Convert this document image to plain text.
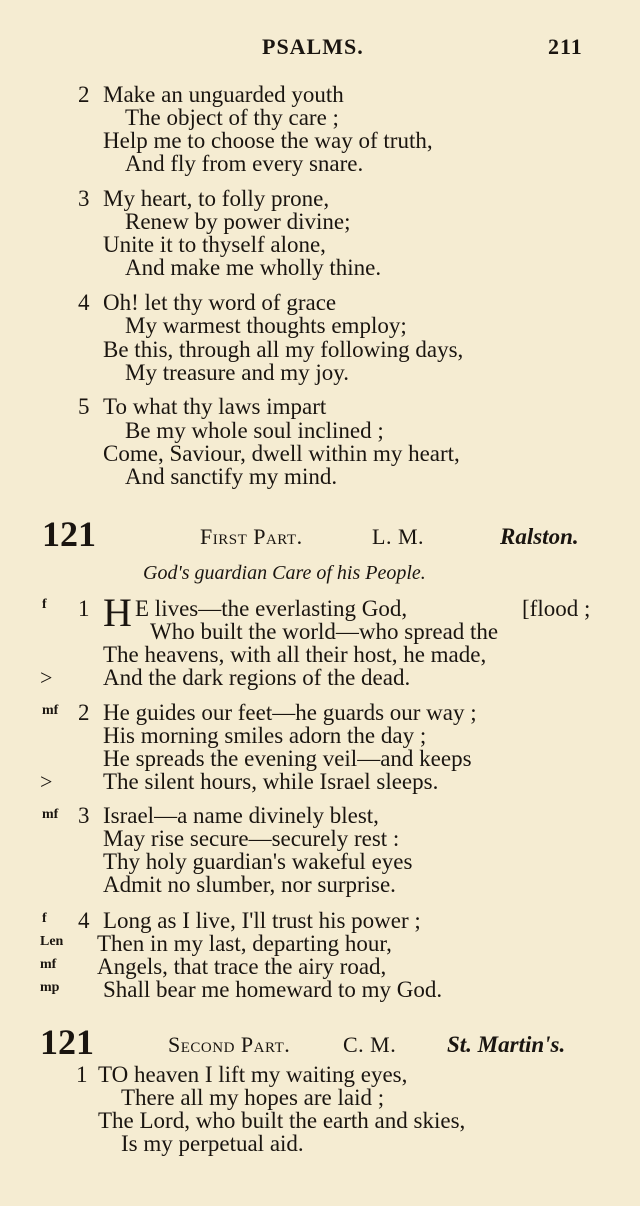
PSALMS.	211
2 Make an unguarded youth
The object of thy care ;
Help me to choose the way of truth,
And fly from every snare.
3 My heart, to folly prone,
Renew by power divine;
Unite it to thyself alone,
And make me wholly thine.
4 Oh! let thy word of grace
My warmest thoughts employ;
Be this, through all my following days,
My treasure and my joy.
5 To what thy laws impart
Be my whole soul inclined ;
Come, Saviour, dwell within my heart,
And sanctify my mind.
121	First Part.	L. M.	Ralston.
God's guardian Care of his People.
f 1 H E lives—the everlasting God,	[flood ;
Who built the world—who spread the
The heavens, with all their host, he made,
> And the dark regions of the dead.
mf 2 He guides our feet—he guards our way ;
His morning smiles adorn the day ;
He spreads the evening veil—and keeps
> The silent hours, while Israel sleeps.
mf 3 Israel—a name divinely blest,
May rise secure—securely rest :
Thy holy guardian's wakeful eyes
Admit no slumber, nor surprise.
f 4 Long as I live, I'll trust his power ;
Len Then in my last, departing hour,
mf Angels, that trace the airy road,
mp Shall bear me homeward to my God.
121	Second Part. C. M. St. Martin's.
1 TO heaven I lift my waiting eyes,
There all my hopes are laid ;
The Lord, who built the earth and skies,
Is my perpetual aid.
